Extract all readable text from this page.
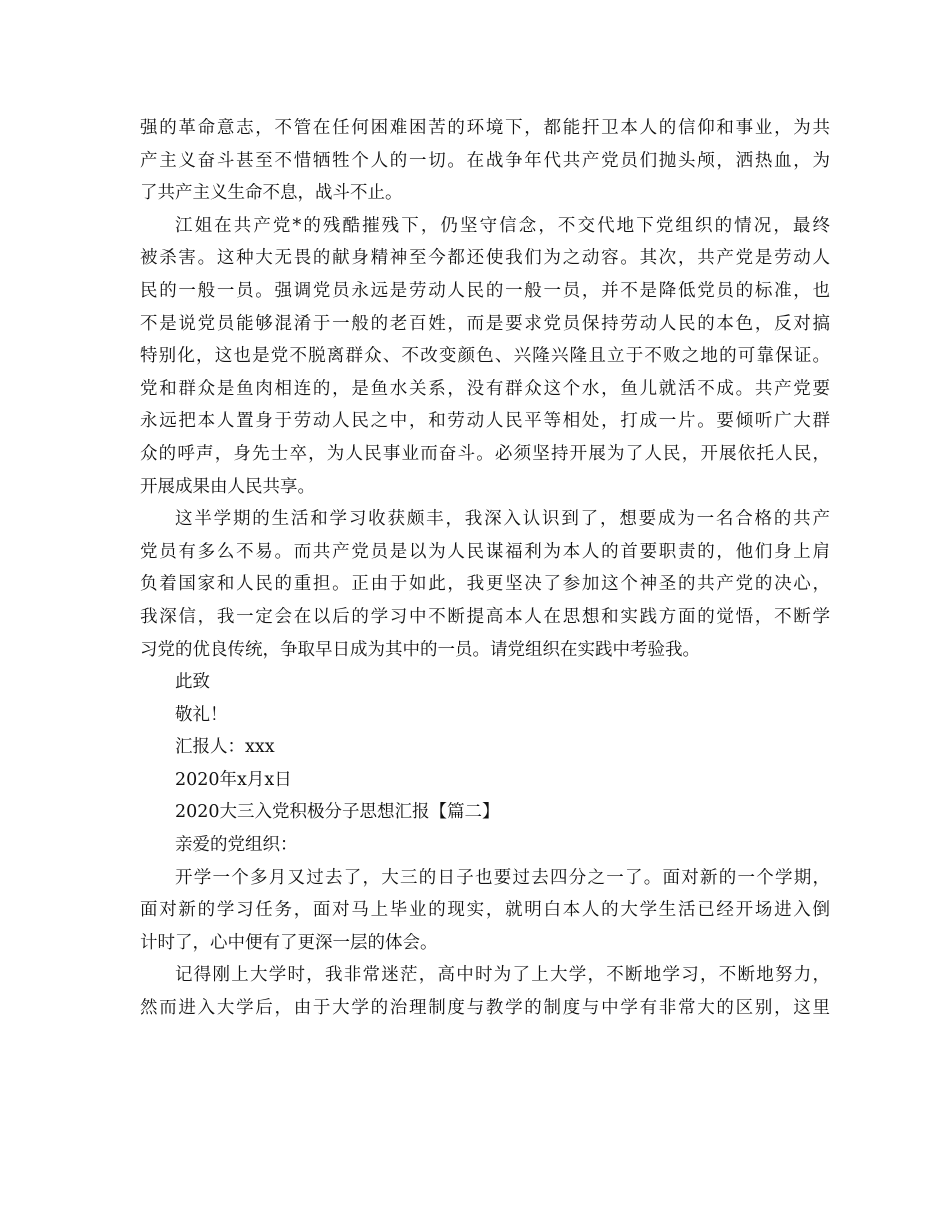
强的革命意志，不管在任何困难困苦的环境下，都能扞卫本人的信仰和事业，为共
产主义奋斗甚至不惜牺牲个人的一切。在战争年代共产党员们抛头颅，洒热血，为
了共产主义生命不息，战斗不止。
江姐在共产党*的残酷摧残下，仍坚守信念，不交代地下党组织的情况，最终
被杀害。这种大无畏的献身精神至今都还使我们为之动容。其次，共产党是劳动人
民的一般一员。强调党员永远是劳动人民的一般一员，并不是降低党员的标准，也
不是说党员能够混淆于一般的老百姓，而是要求党员保持劳动人民的本色，反对搞
特别化，这也是党不脱离群众、不改变颜色、兴隆兴隆且立于不败之地的可靠保证。
党和群众是鱼肉相连的，是鱼水关系，没有群众这个水，鱼儿就活不成。共产党要
永远把本人置身于劳动人民之中，和劳动人民平等相处，打成一片。要倾听广大群
众的呼声，身先士卒，为人民事业而奋斗。必须坚持开展为了人民，开展依托人民，
开展成果由人民共享。
这半学期的生活和学习收获颇丰，我深入认识到了，想要成为一名合格的共产
党员有多么不易。而共产党员是以为人民谋福利为本人的首要职责的，他们身上肩
负着国家和人民的重担。正由于如此，我更坚决了参加这个神圣的共产党的决心，
我深信，我一定会在以后的学习中不断提高本人在思想和实践方面的觉悟，不断学
习党的优良传统，争取早日成为其中的一员。请党组织在实践中考验我。
此致
敬礼！
汇报人：xxx
2020年x月x日
2020大三入党积极分子思想汇报【篇二】
亲爱的党组织：
开学一个多月又过去了，大三的日子也要过去四分之一了。面对新的一个学期，
面对新的学习任务，面对马上毕业的现实，就明白本人的大学生活已经开场进入倒
计时了，心中便有了更深一层的体会。
记得刚上大学时，我非常迷茫，高中时为了上大学，不断地学习，不断地努力，
然而进入大学后，由于大学的治理制度与教学的制度与中学有非常大的区别，这里
